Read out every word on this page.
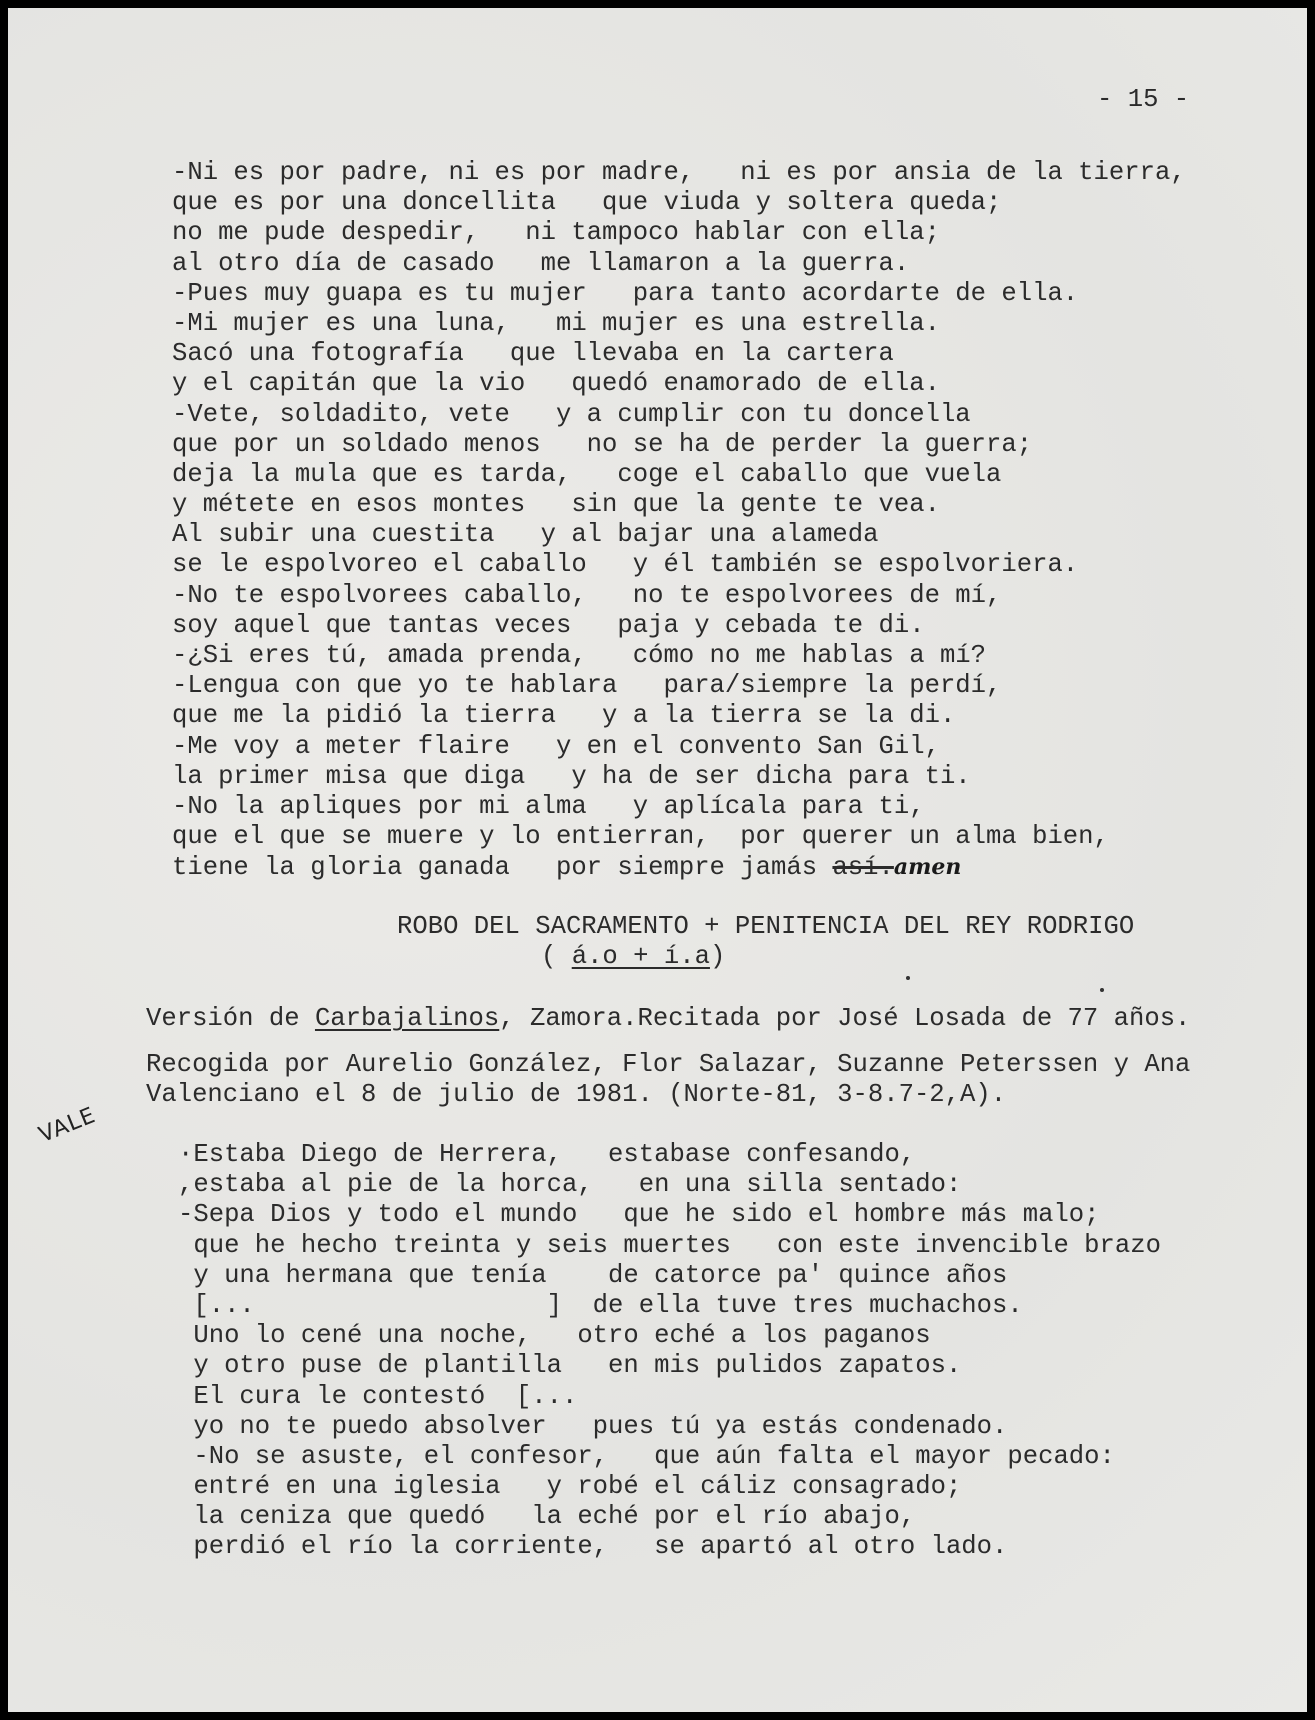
- 15 -
-Ni es por padre, ni es por madre,   ni es por ansia de la tierra,
que es por una doncellita   que viuda y soltera queda;
no me pude despedir,   ni tampoco hablar con ella;
al otro día de casado   me llamaron a la guerra.
-Pues muy guapa es tu mujer   para tanto acordarte de ella.
-Mi mujer es una luna,   mi mujer es una estrella.
Sacó una fotografía   que llevaba en la cartera
y el capitán que la vio   quedó enamorado de ella.
-Vete, soldadito, vete   y a cumplir con tu doncella
que por un soldado menos   no se ha de perder la guerra;
deja la mula que es tarda,   coge el caballo que vuela
y métete en esos montes   sin que la gente te vea.
Al subir una cuestita   y al bajar una alameda
se le espolvoreo el caballo   y él también se espolvoriera.
-No te espolvorees caballo,   no te espolvorees de mí,
soy aquel que tantas veces   paja y cebada te di.
-¿Si eres tú, amada prenda,   cómo no me hablas a mí?
-Lengua con que yo te hablara   para/siempre la perdí,
que me la pidió la tierra   y a la tierra se la di.
-Me voy a meter flaire   y en el convento San Gil,
la primer misa que diga   y ha de ser dicha para ti.
-No la apliques por mi alma   y aplícala para ti,
que el que se muere y lo entierran,  por querer un alma bien,
tiene la gloria ganada   por siempre jamás así.amen
ROBO DEL SACRAMENTO + PENITENCIA DEL REY RODRIGO
( á.o + í.a)
Versión de Carbajalinos, Zamora.Recitada por José Losada de 77 años.
Recogida por Aurelio González, Flor Salazar, Suzanne Peterssen y Ana
Valenciano el 8 de julio de 1981. (Norte-81, 3-8.7-2,A).
VALE
·Estaba Diego de Herrera,   estabase confesando,
,estaba al pie de la horca,   en una silla sentado:
-Sepa Dios y todo el mundo   que he sido el hombre más malo;
que he hecho treinta y seis muertes   con este invencible brazo
y una hermana que tenía    de catorce pa' quince años
[...                   ]  de ella tuve tres muchachos.
Uno lo cené una noche,   otro eché a los paganos
y otro puse de plantilla   en mis pulidos zapatos.
El cura le contestó  [...
yo no te puedo absolver   pues tú ya estás condenado.
-No se asuste, el confesor,   que aún falta el mayor pecado:
entré en una iglesia   y robé el cáliz consagrado;
la ceniza que quedó   la eché por el río abajo,
perdió el río la corriente,   se apartó al otro lado.
